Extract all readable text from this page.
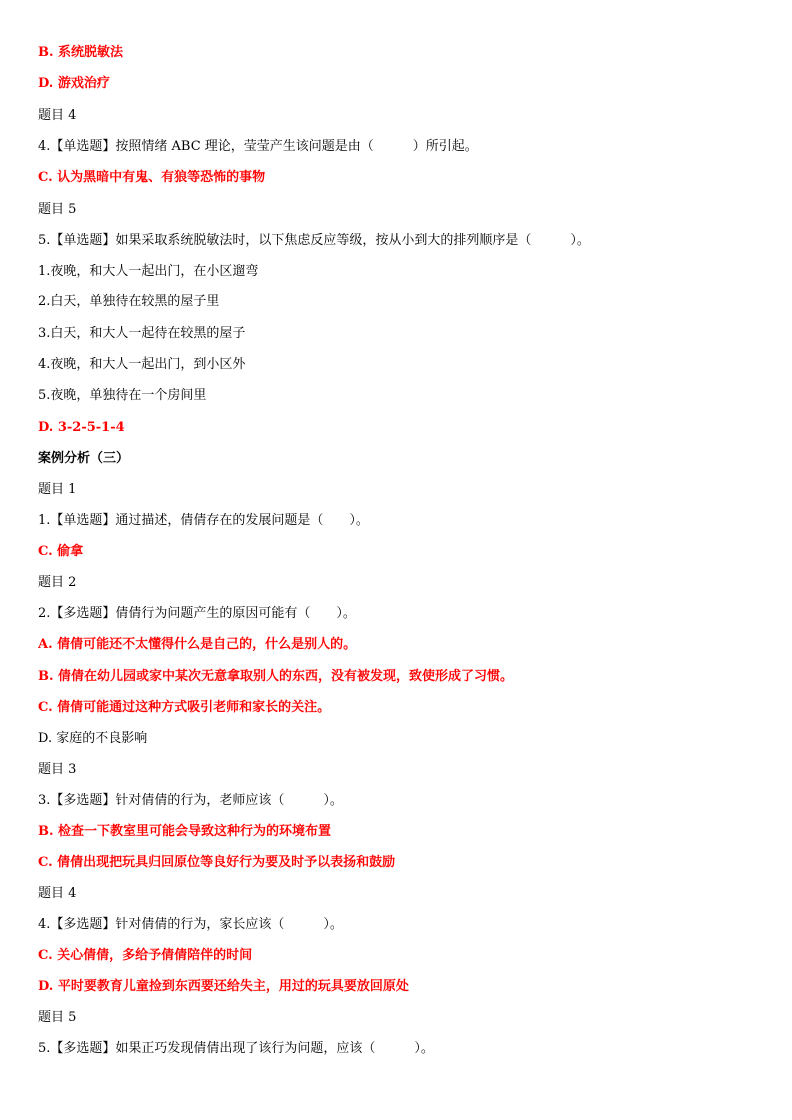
B. 系统脱敏法
D. 游戏治疗
题目 4
4.【单选题】按照情绪 ABC 理论，莹莹产生该问题是由（　　　）所引起。
C. 认为黑暗中有鬼、有狼等恐怖的事物
题目 5
5.【单选题】如果采取系统脱敏法时，以下焦虑反应等级，按从小到大的排列顺序是（　　　）。
1.夜晚，和大人一起出门，在小区遛弯
2.白天，单独待在较黑的屋子里
3.白天，和大人一起待在较黑的屋子
4.夜晚，和大人一起出门，到小区外
5.夜晚，单独待在一个房间里
D. 3-2-5-1-4
案例分析（三）
题目 1
1.【单选题】通过描述，倩倩存在的发展问题是（　　）。
C. 偷拿
题目 2
2.【多选题】倩倩行为问题产生的原因可能有（　　）。
A. 倩倩可能还不太懂得什么是自己的，什么是别人的。
B. 倩倩在幼儿园或家中某次无意拿取别人的东西，没有被发现，致使形成了习惯。
C. 倩倩可能通过这种方式吸引老师和家长的关注。
D. 家庭的不良影响
题目 3
3.【多选题】针对倩倩的行为，老师应该（　　　）。
B. 检查一下教室里可能会导致这种行为的环境布置
C. 倩倩出现把玩具归回原位等良好行为要及时予以表扬和鼓励
题目 4
4.【多选题】针对倩倩的行为，家长应该（　　　）。
C. 关心倩倩，多给予倩倩陪伴的时间
D. 平时要教育儿童捡到东西要还给失主，用过的玩具要放回原处
题目 5
5.【多选题】如果正巧发现倩倩出现了该行为问题，应该（　　　）。
